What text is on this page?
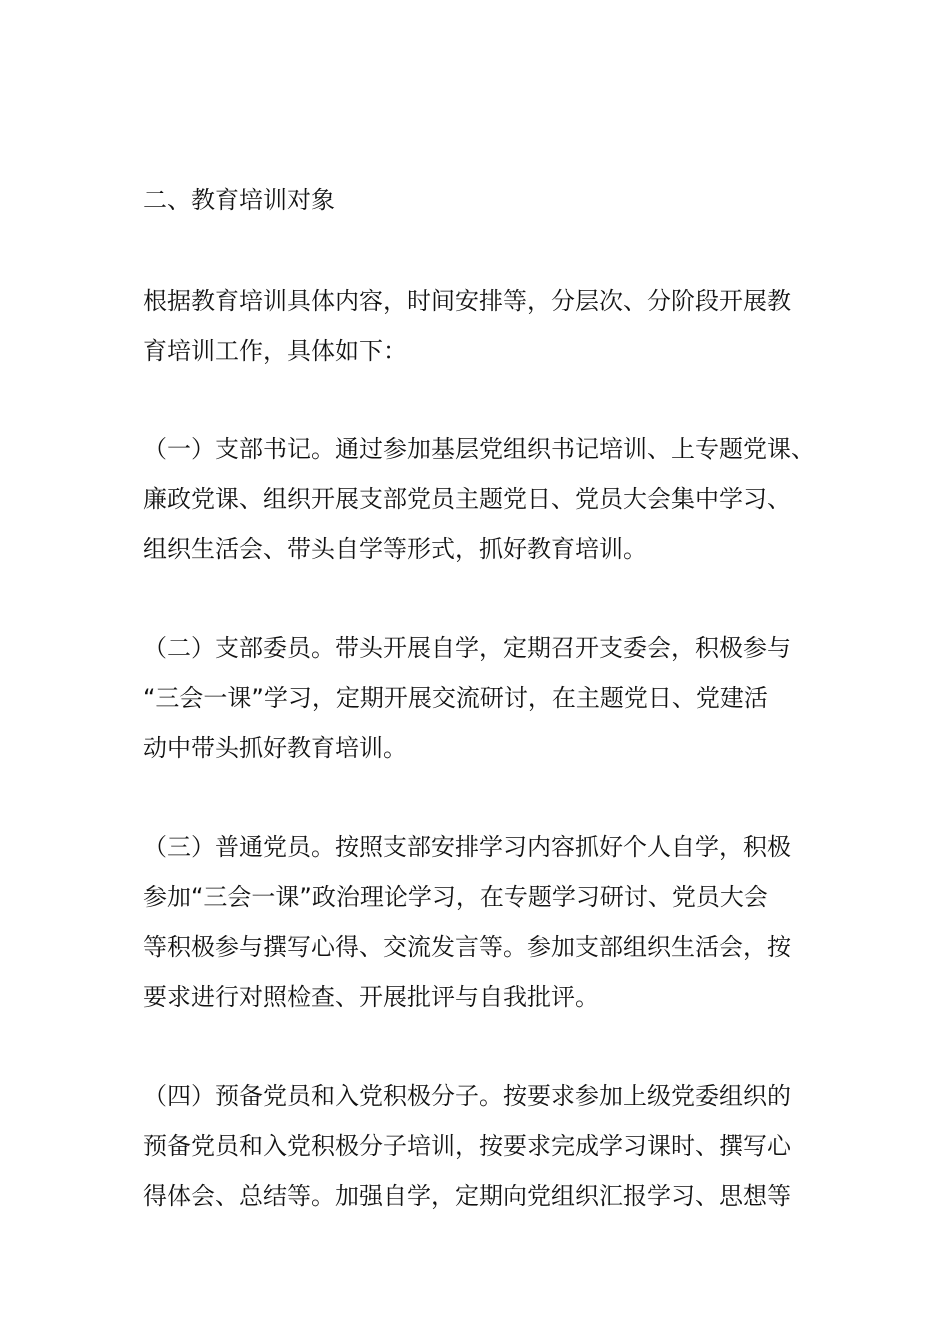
二、教育培训对象
根据教育培训具体内容，时间安排等，分层次、分阶段开展教
育培训工作，具体如下：
（一）支部书记。通过参加基层党组织书记培训、上专题党课、
廉政党课、组织开展支部党员主题党日、党员大会集中学习、
组织生活会、带头自学等形式，抓好教育培训。
（二）支部委员。带头开展自学，定期召开支委会，积极参与
“三会一课”学习，定期开展交流研讨，在主题党日、党建活
动中带头抓好教育培训。
（三）普通党员。按照支部安排学习内容抓好个人自学，积极
参加“三会一课”政治理论学习，在专题学习研讨、党员大会
等积极参与撰写心得、交流发言等。参加支部组织生活会，按
要求进行对照检查、开展批评与自我批评。
（四）预备党员和入党积极分子。按要求参加上级党委组织的
预备党员和入党积极分子培训，按要求完成学习课时、撰写心
得体会、总结等。加强自学，定期向党组织汇报学习、思想等
